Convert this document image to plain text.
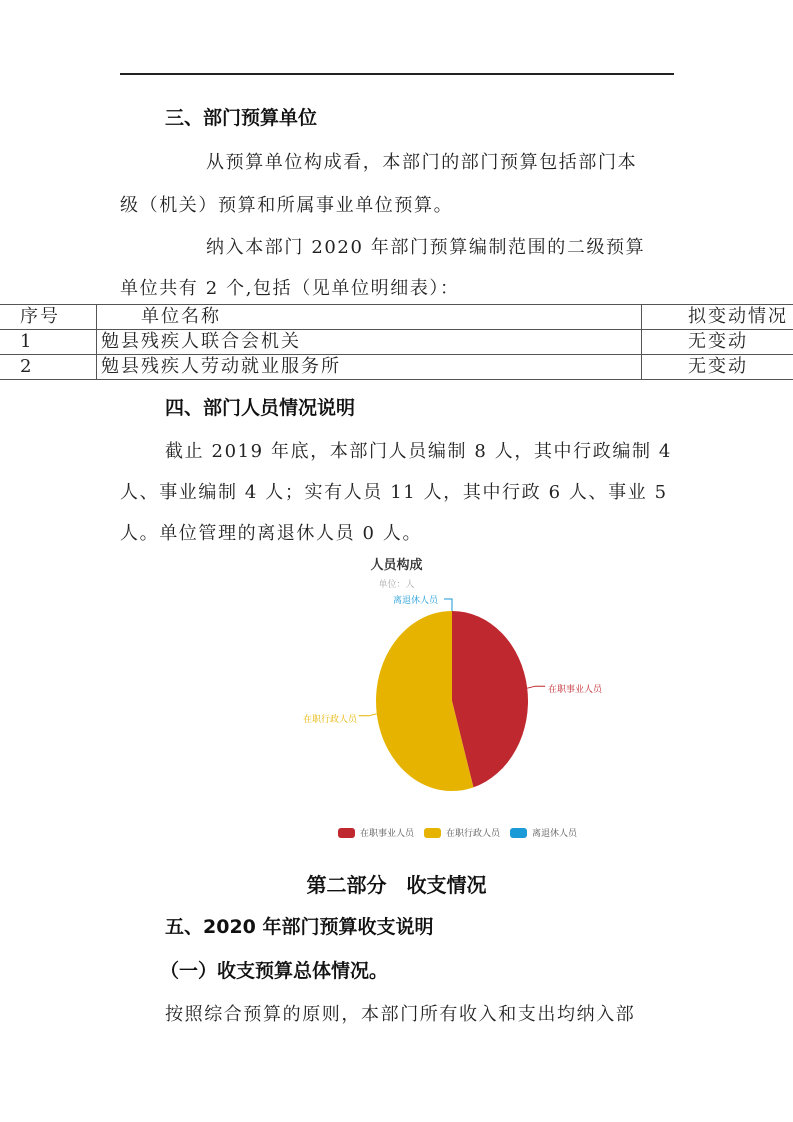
三、部门预算单位
从预算单位构成看，本部门的部门预算包括部门本
级（机关）预算和所属事业单位预算。
纳入本部门 2020 年部门预算编制范围的二级预算
单位共有 2 个,包括（见单位明细表）：
序号	单位名称	拟变动情况
1	勉县残疾人联合会机关	无变动
2	勉县残疾人劳动就业服务所	无变动
四、部门人员情况说明
截止 2019 年底，本部门人员编制 8 人，其中行政编制 4
人、事业编制 4 人；实有人员 11 人，其中行政 6 人、事业 5
人。单位管理的离退休人员 0 人。
人员构成
单位：人
在职事业人员
在职行政人员
离退休人员
在职事业人员	在职行政人员	离退休人员
第二部分　收支情况
五、2020 年部门预算收支说明
（一）收支预算总体情况。
按照综合预算的原则，本部门所有收入和支出均纳入部
